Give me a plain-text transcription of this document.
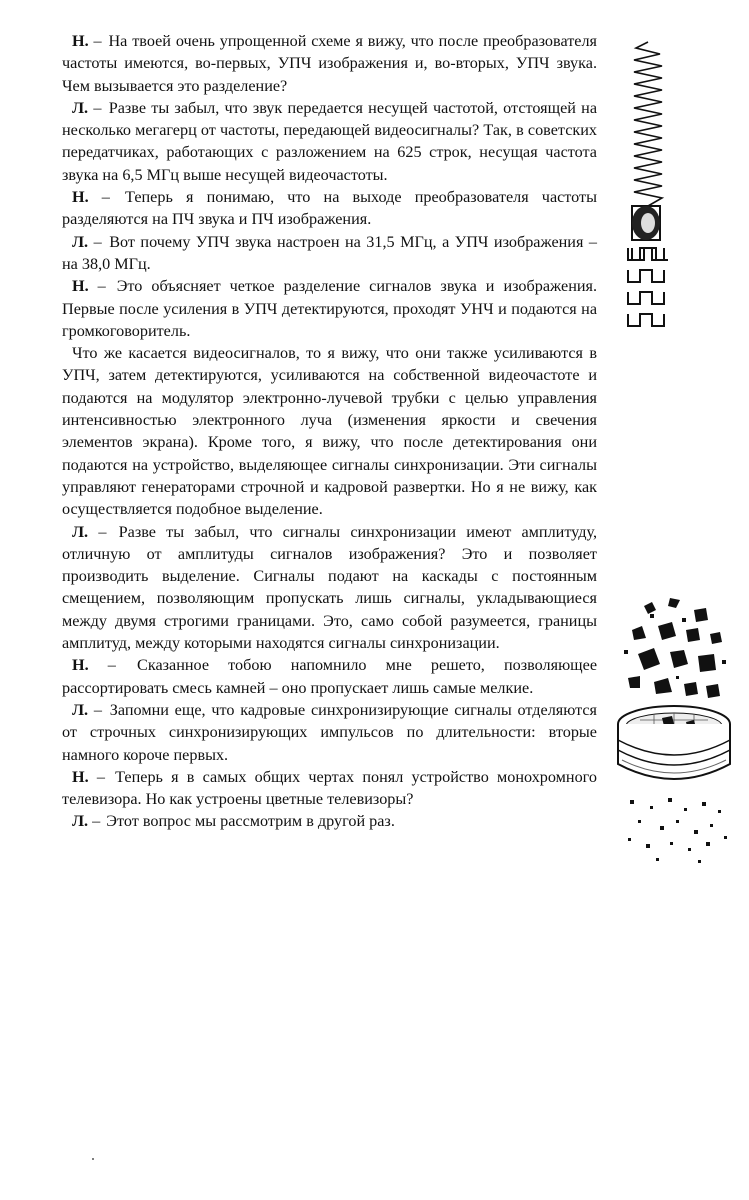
Н. – На твоей очень упрощенной схеме я вижу, что после преобразователя частоты имеются, во-первых, УПЧ изображения и, во-вторых, УПЧ звука. Чем вызывается это разделение?

Л. – Разве ты забыл, что звук передается несущей частотой, отстоящей на несколько мегагерц от частоты, передающей видеосигналы? Так, в советских передатчиках, работающих с разложением на 625 строк, несущая частота звука на 6,5 МГц выше несущей видеочастоты.

Н. – Теперь я понимаю, что на выходе преобразователя частоты разделяются на ПЧ звука и ПЧ изображения.

Л. – Вот почему УПЧ звука настроен на 31,5 МГц, а УПЧ изображения – на 38,0 МГц.

Н. – Это объясняет четкое разделение сигналов звука и изображения. Первые после усиления в УПЧ детектируются, проходят УНЧ и подаются на громкоговоритель.

Что же касается видеосигналов, то я вижу, что они также усиливаются в УПЧ, затем детектируются, усиливаются на собственной видеочастоте и подаются на модулятор электронно-лучевой трубки с целью управления интенсивностью электронного луча (изменения яркости и свечения элементов экрана). Кроме того, я вижу, что после детектирования они подаются на устройство, выделяющее сигналы синхронизации. Эти сигналы управляют генераторами строчной и кадровой развертки. Но я не вижу, как осуществляется подобное выделение.

Л. – Разве ты забыл, что сигналы синхронизации имеют амплитуду, отличную от амплитуды сигналов изображения? Это и позволяет производить выделение. Сигналы подают на каскады с постоянным смещением, позволяющим пропускать лишь сигналы, укладывающиеся между двумя строгими границами. Это, само собой разумеется, границы амплитуд, между которыми находятся сигналы синхронизации.

Н. – Сказанное тобою напомнило мне решето, позволяющее рассортировать смесь камней – оно пропускает лишь самые мелкие.

Л. – Запомни еще, что кадровые синхронизирующие сигналы отделяются от строчных синхронизирующих импульсов по длительности: вторые намного короче первых.

Н. – Теперь я в самых общих чертах понял устройство монохромного телевизора. Но как устроены цветные телевизоры?

Л. – Этот вопрос мы рассмотрим в другой раз.
